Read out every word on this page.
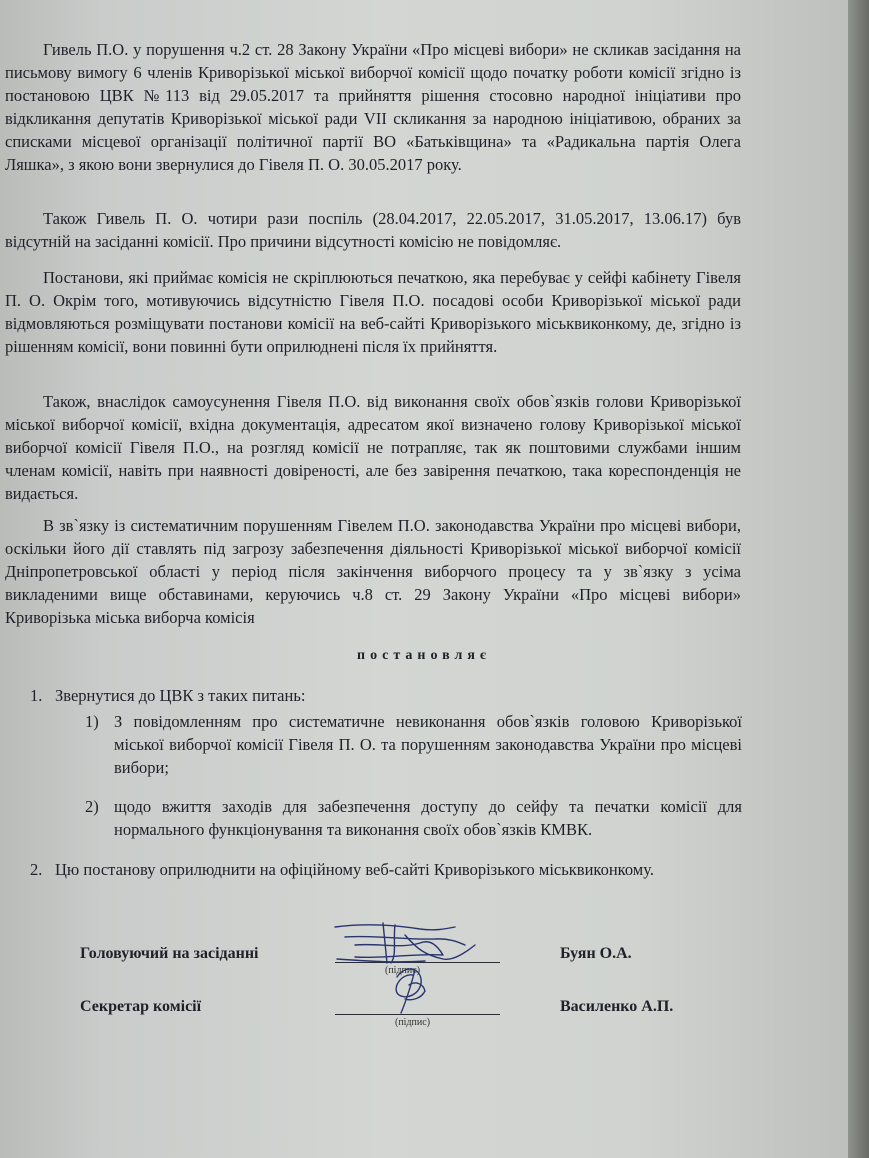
Гивель П.О. у порушення ч.2 ст. 28 Закону України «Про місцеві вибори» не скликав засідання на письмову вимогу 6 членів Криворізької міської виборчої комісії щодо початку роботи комісії згідно із постановою ЦВК №113 від 29.05.2017 та прийняття рішення стосовно народної ініціативи про відкликання депутатів Криворізької міської ради VII скликання за народною ініціативою, обраних за списками місцевої організації політичної партії ВО «Батьківщина» та «Радикальна партія Олега Ляшка», з якою вони звернулися до Гівеля П. О. 30.05.2017 року.

Також Гивель П. О. чотири рази поспіль (28.04.2017, 22.05.2017, 31.05.2017, 13.06.17) був відсутній на засіданні комісії. Про причини відсутності комісію не повідомляє.

Постанови, які приймає комісія не скріплюються печаткою, яка перебуває у сейфі кабінету Гівеля П. О. Окрім того, мотивуючись відсутністю Гівеля П.О. посадові особи Криворізької міської ради відмовляються розміщувати постанови комісії на веб-сайті Криворізького міськвиконкому, де, згідно із рішенням комісії, вони повинні бути оприлюднені після їх прийняття.

Також, внаслідок самоусунення Гівеля П.О. від виконання своїх обов`язків голови Криворізької міської виборчої комісії, вхідна документація, адресатом якої визначено голову Криворізької міської виборчої комісії Гівеля П.О., на розгляд комісії не потрапляє, так як поштовими службами іншим членам комісії, навіть при наявності довіреності, але без завірення печаткою, така кореспонденція не видається.

В зв`язку із систематичним порушенням Гівелем П.О. законодавства України про місцеві вибори, оскільки його дії ставлять під загрозу забезпечення діяльності Криворізької міської виборчої комісії Дніпропетровської області у період після закінчення виборчого процесу та у зв`язку з усіма викладеними вище обставинами, керуючись ч.8 ст. 29 Закону України «Про місцеві вибори» Криворізька міська виборча комісія

постановляє
1. Звернутися до ЦВК з таких питань:

1) З повідомленням про систематичне невиконання обов`язків головою Криворізької міської виборчої комісії Гівеля П. О. та порушенням законодавства України про місцеві вибори;

2) щодо вжиття заходів для забезпечення доступу до сейфу та печатки комісії для нормального функціонування та виконання своїх обов`язків КМВК.

2. Цю постанову оприлюднити на офіційному веб-сайті Криворізького міськвиконкому.

Головуючий на засіданні
(підпис)
Буян О.А.
Секретар комісії
(підпис)
Василенко А.П.
